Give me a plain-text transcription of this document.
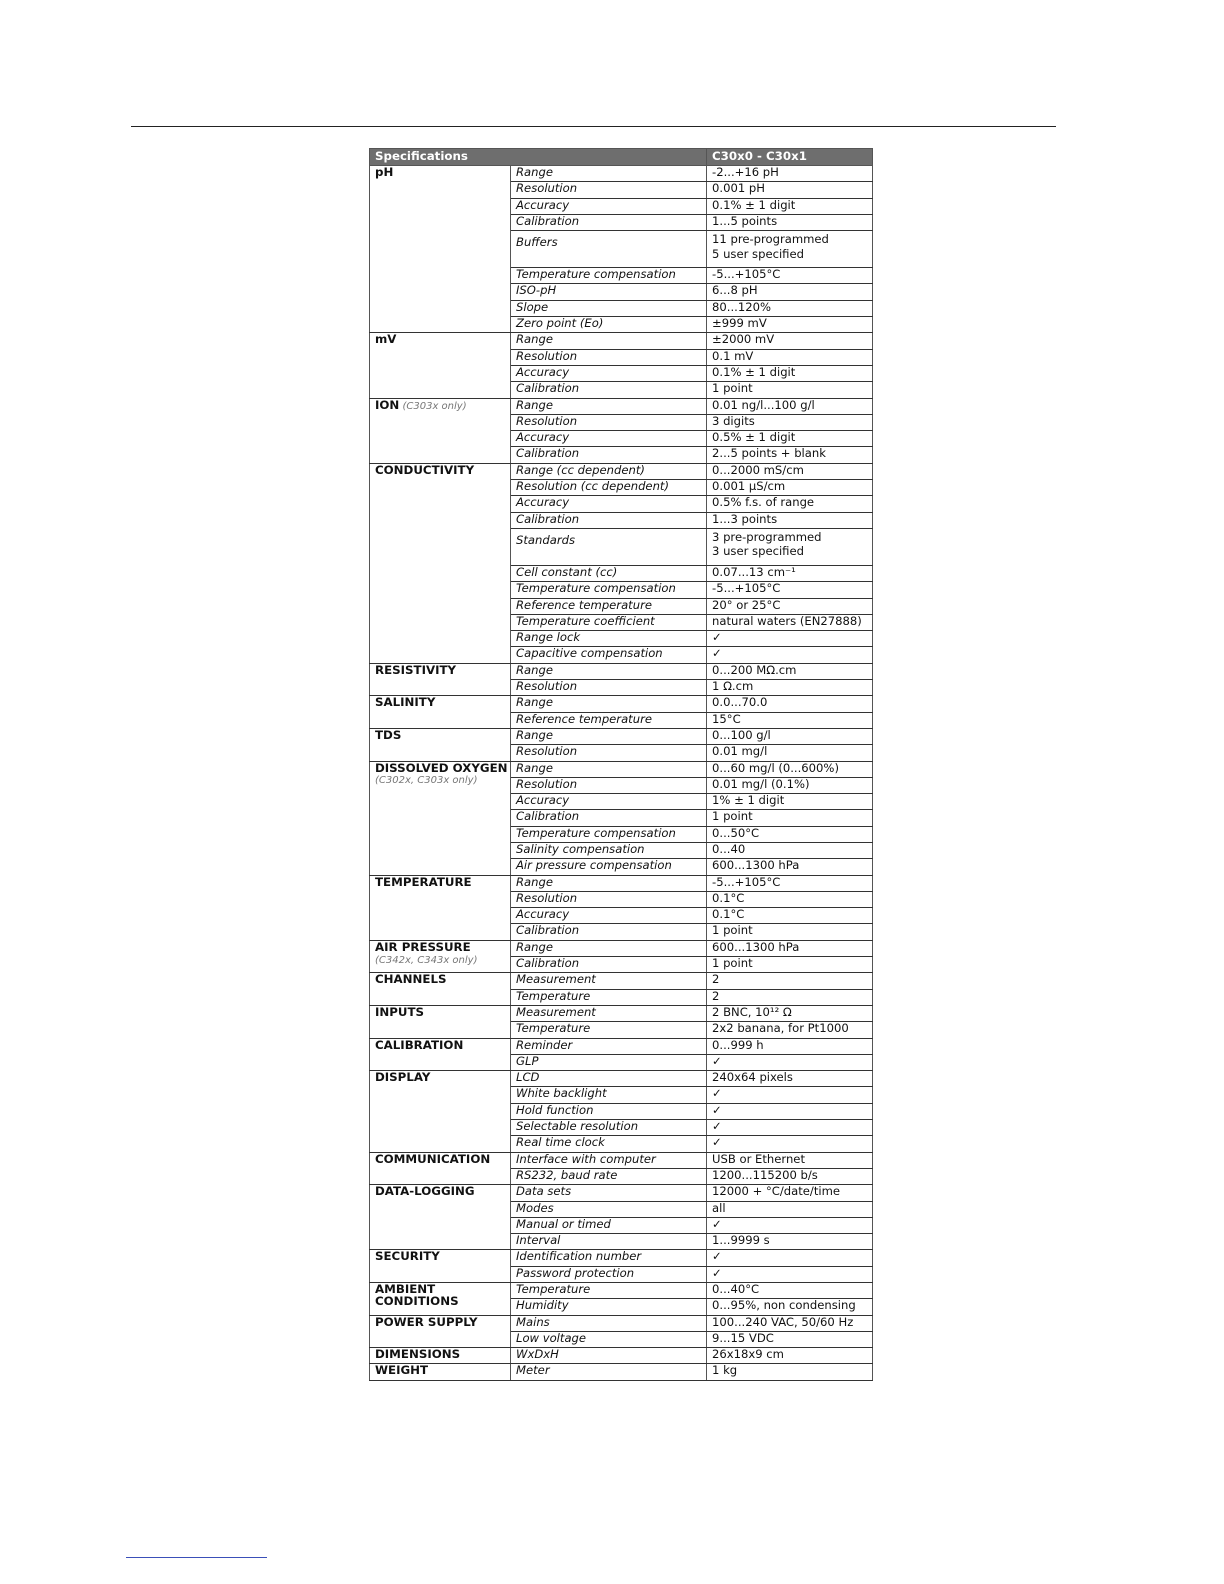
Specifications		C30x0 - C30x1
pH	Range	-2...+16 pH
	Resolution	0.001 pH
	Accuracy	0.1% ± 1 digit
	Calibration	1...5 points
	Buffers	11 pre-programmed
5 user specified
	Temperature compensation	-5...+105°C
	ISO-pH	6...8 pH
	Slope	80...120%
	Zero point (Eo)	±999 mV
mV	Range	±2000 mV
	Resolution	0.1 mV
	Accuracy	0.1% ± 1 digit
	Calibration	1 point
ION (C303x only)	Range	0.01 ng/l...100 g/l
	Resolution	3 digits
	Accuracy	0.5% ± 1 digit
	Calibration	2...5 points + blank
CONDUCTIVITY	Range (cc dependent)	0...2000 mS/cm
	Resolution (cc dependent)	0.001 µS/cm
	Accuracy	0.5% f.s. of range
	Calibration	1...3 points
	Standards	3 pre-programmed
3 user specified
	Cell constant (cc)	0.07...13 cm⁻¹
	Temperature compensation	-5...+105°C
	Reference temperature	20° or 25°C
	Temperature coefficient	natural waters (EN27888)
	Range lock	✓
	Capacitive compensation	✓
RESISTIVITY	Range	0...200 MΩ.cm
	Resolution	1 Ω.cm
SALINITY	Range	0.0...70.0
	Reference temperature	15°C
TDS	Range	0...100 g/l
	Resolution	0.01 mg/l
DISSOLVED OXYGEN
(C302x, C303x only)	Range	0...60 mg/l (0...600%)
	Resolution	0.01 mg/l (0.1%)
	Accuracy	1% ± 1 digit
	Calibration	1 point
	Temperature compensation	0...50°C
	Salinity compensation	0...40
	Air pressure compensation	600...1300 hPa
TEMPERATURE	Range	-5...+105°C
	Resolution	0.1°C
	Accuracy	0.1°C
	Calibration	1 point
AIR PRESSURE
(C342x, C343x only)	Range	600...1300 hPa
	Calibration	1 point
CHANNELS	Measurement	2
	Temperature	2
INPUTS	Measurement	2 BNC, 10¹² Ω
	Temperature	2x2 banana, for Pt1000
CALIBRATION	Reminder	0...999 h
	GLP	✓
DISPLAY	LCD	240x64 pixels
	White backlight	✓
	Hold function	✓
	Selectable resolution	✓
	Real time clock	✓
COMMUNICATION	Interface with computer	USB or Ethernet
	RS232, baud rate	1200...115200 b/s
DATA-LOGGING	Data sets	12000 + °C/date/time
	Modes	all
	Manual or timed	✓
	Interval	1...9999 s
SECURITY	Identification number	✓
	Password protection	✓
AMBIENT
CONDITIONS	Temperature	0...40°C
	Humidity	0...95%, non condensing
POWER SUPPLY	Mains	100...240 VAC, 50/60 Hz
	Low voltage	9...15 VDC
DIMENSIONS	WxDxH	26x18x9 cm
WEIGHT	Meter	1 kg
